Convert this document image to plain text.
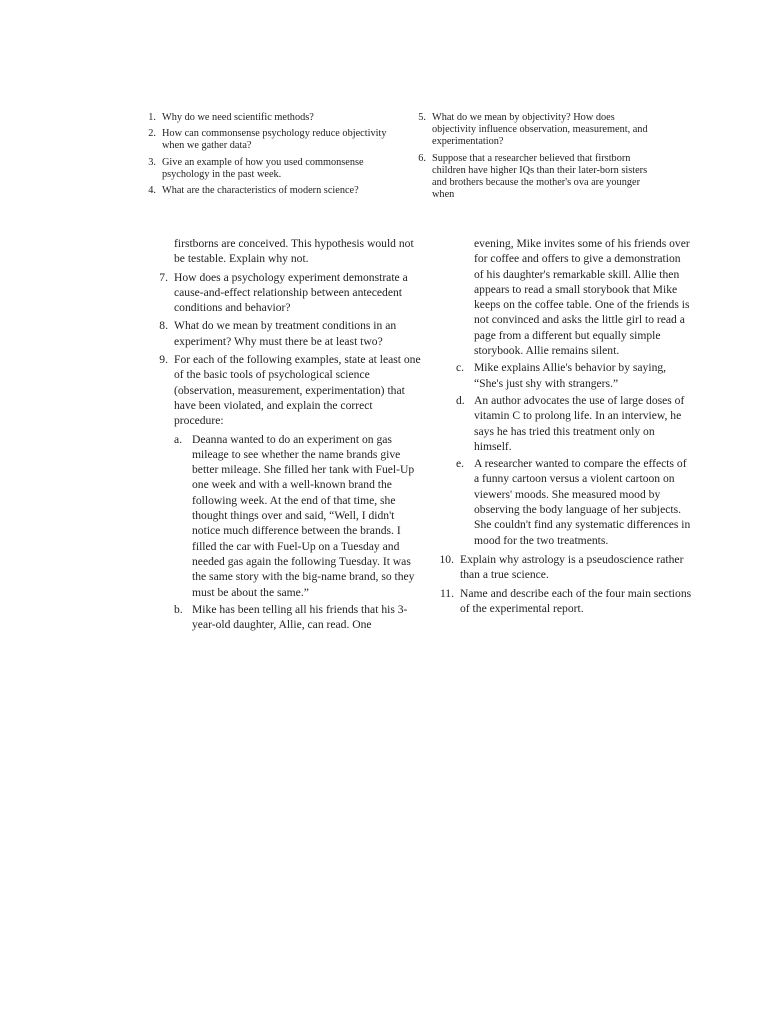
1. Why do we need scientific methods?
2. How can commonsense psychology reduce objectivity when we gather data?
3. Give an example of how you used commonsense psychology in the past week.
4. What are the characteristics of modern science?
5. What do we mean by objectivity? How does objectivity influence observation, measurement, and experimentation?
6. Suppose that a researcher believed that firstborn children have higher IQs than their later-born sisters and brothers because the mother's ova are younger when

firstborns are conceived. This hypothesis would not be testable. Explain why not.

7. How does a psychology experiment demonstrate a cause-and-effect relationship between antecedent conditions and behavior?
8. What do we mean by treatment conditions in an experiment? Why must there be at least two?
9. For each of the following examples, state at least one of the basic tools of psychological science (observation, measurement, experimentation) that have been violated, and explain the correct procedure:
a. Deanna wanted to do an experiment on gas mileage to see whether the name brands give better mileage. She filled her tank with Fuel-Up one week and with a well-known brand the following week. At the end of that time, she thought things over and said, “Well, I didn't notice much difference between the brands. I filled the car with Fuel-Up on a Tuesday and needed gas again the following Tuesday. It was the same story with the big-name brand, so they must be about the same.”
b. Mike has been telling all his friends that his 3-year-old daughter, Allie, can read. One

evening, Mike invites some of his friends over for coffee and offers to give a demonstration of his daughter's remarkable skill. Allie then appears to read a small storybook that Mike keeps on the coffee table. One of the friends is not convinced and asks the little girl to read a page from a different but equally simple storybook. Allie remains silent.

c. Mike explains Allie's behavior by saying, “She's just shy with strangers.”
d. An author advocates the use of large doses of vitamin C to prolong life. In an interview, he says he has tried this treatment only on himself.
e. A researcher wanted to compare the effects of a funny cartoon versus a violent cartoon on viewers' moods. She measured mood by observing the body language of her subjects. She couldn't find any systematic differences in mood for the two treatments.
10. Explain why astrology is a pseudoscience rather than a true science.
11. Name and describe each of the four main sections of the experimental report.
